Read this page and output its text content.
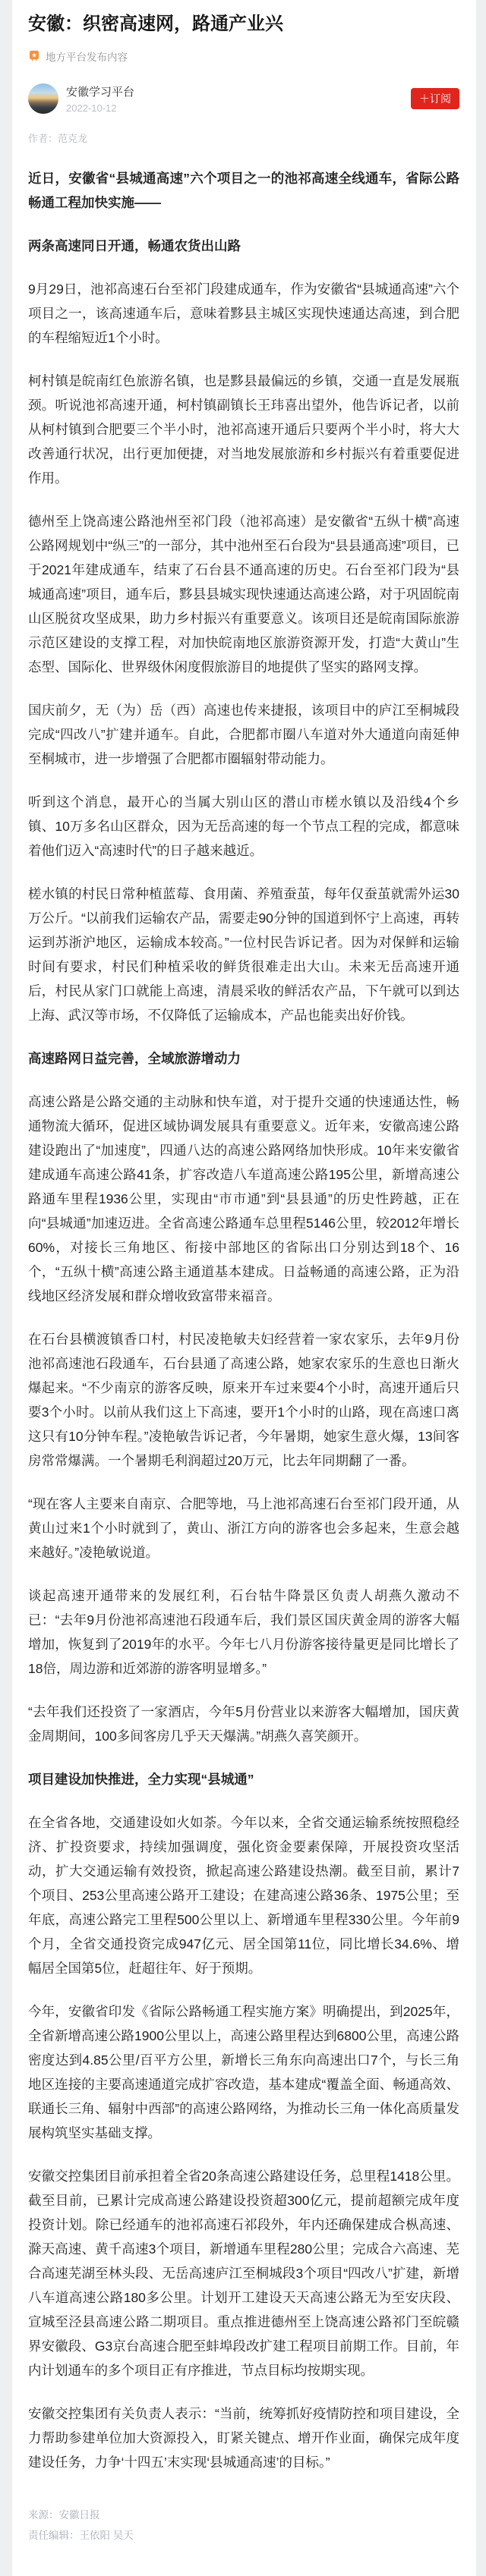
安徽：织密高速网，路通产业兴
★ 地方平台发布内容
安徽学习平台
2022-10-12
＋订阅
作者：范克龙

近日，安徽省“县城通高速”六个项目之一的池祁高速全线通车，省际公路畅通工程加快实施——

两条高速同日开通，畅通农货出山路

9月29日，池祁高速石台至祁门段建成通车，作为安徽省“县城通高速”六个项目之一，该高速通车后，意味着黟县主城区实现快速通达高速，到合肥的车程缩短近1个小时。

柯村镇是皖南红色旅游名镇，也是黟县最偏远的乡镇，交通一直是发展瓶颈。听说池祁高速开通，柯村镇副镇长王玮喜出望外，他告诉记者，以前从柯村镇到合肥要三个半小时，池祁高速开通后只要两个半小时，将大大改善通行状况，出行更加便捷，对当地发展旅游和乡村振兴有着重要促进作用。

德州至上饶高速公路池州至祁门段（池祁高速）是安徽省“五纵十横”高速公路网规划中“纵三”的一部分，其中池州至石台段为“县县通高速”项目，已于2021年建成通车，结束了石台县不通高速的历史。石台至祁门段为“县城通高速”项目，通车后，黟县县城实现快速通达高速公路，对于巩固皖南山区脱贫攻坚成果，助力乡村振兴有重要意义。该项目还是皖南国际旅游示范区建设的支撑工程，对加快皖南地区旅游资源开发，打造“大黄山”生态型、国际化、世界级休闲度假旅游目的地提供了坚实的路网支撑。

国庆前夕，无（为）岳（西）高速也传来捷报，该项目中的庐江至桐城段完成“四改八”扩建并通车。自此，合肥都市圈八车道对外大通道向南延伸至桐城市，进一步增强了合肥都市圈辐射带动能力。

听到这个消息，最开心的当属大别山区的潜山市槎水镇以及沿线4个乡镇、10万多名山区群众，因为无岳高速的每一个节点工程的完成，都意味着他们迈入“高速时代”的日子越来越近。

槎水镇的村民日常种植蓝莓、食用菌、养殖蚕茧，每年仅蚕茧就需外运30万公斤。“以前我们运输农产品，需要走90分钟的国道到怀宁上高速，再转运到苏浙沪地区，运输成本较高。”一位村民告诉记者。因为对保鲜和运输时间有要求，村民们种植采收的鲜货很难走出大山。未来无岳高速开通后，村民从家门口就能上高速，清晨采收的鲜活农产品，下午就可以到达上海、武汉等市场，不仅降低了运输成本，产品也能卖出好价钱。

高速路网日益完善，全域旅游增动力

高速公路是公路交通的主动脉和快车道，对于提升交通的快速通达性，畅通物流大循环，促进区域协调发展具有重要意义。近年来，安徽高速公路建设跑出了“加速度”，四通八达的高速公路网络加快形成。10年来安徽省建成通车高速公路41条，扩容改造八车道高速公路195公里，新增高速公路通车里程1936公里，实现由“市市通”到“县县通”的历史性跨越，正在向“县城通”加速迈进。全省高速公路通车总里程5146公里，较2012年增长60%，对接长三角地区、衔接中部地区的省际出口分别达到18个、16个，“五纵十横”高速公路主通道基本建成。日益畅通的高速公路，正为沿线地区经济发展和群众增收致富带来福音。

在石台县横渡镇香口村，村民凌艳敏夫妇经营着一家农家乐，去年9月份池祁高速池石段通车，石台县通了高速公路，她家农家乐的生意也日渐火爆起来。“不少南京的游客反映，原来开车过来要4个小时，高速开通后只要3个小时。以前从我们这上下高速，要开1个小时的山路，现在高速口离这只有10分钟车程。”凌艳敏告诉记者，今年暑期，她家生意火爆，13间客房常常爆满。一个暑期毛利润超过20万元，比去年同期翻了一番。

“现在客人主要来自南京、合肥等地，马上池祁高速石台至祁门段开通，从黄山过来1个小时就到了，黄山、浙江方向的游客也会多起来，生意会越来越好。”凌艳敏说道。

谈起高速开通带来的发展红利，石台牯牛降景区负责人胡燕久激动不已：“去年9月份池祁高速池石段通车后，我们景区国庆黄金周的游客大幅增加，恢复到了2019年的水平。今年七八月份游客接待量更是同比增长了18倍，周边游和近郊游的游客明显增多。”

“去年我们还投资了一家酒店，今年5月份营业以来游客大幅增加，国庆黄金周期间，100多间客房几乎天天爆满。”胡燕久喜笑颜开。

项目建设加快推进，全力实现“县城通”

在全省各地，交通建设如火如荼。今年以来，全省交通运输系统按照稳经济、扩投资要求，持续加强调度，强化资金要素保障，开展投资攻坚活动，扩大交通运输有效投资，掀起高速公路建设热潮。截至目前，累计7个项目、253公里高速公路开工建设；在建高速公路36条、1975公里；至年底，高速公路完工里程500公里以上、新增通车里程330公里。今年前9个月，全省交通投资完成947亿元、居全国第11位，同比增长34.6%、增幅居全国第5位，赶超往年、好于预期。

今年，安徽省印发《省际公路畅通工程实施方案》明确提出，到2025年，全省新增高速公路1900公里以上，高速公路里程达到6800公里，高速公路密度达到4.85公里/百平方公里，新增长三角东向高速出口7个，与长三角地区连接的主要高速通道完成扩容改造，基本建成“覆盖全面、畅通高效、联通长三角、辐射中西部”的高速公路网络，为推动长三角一体化高质量发展构筑坚实基础支撑。

安徽交控集团目前承担着全省20条高速公路建设任务，总里程1418公里。截至目前，已累计完成高速公路建设投资超300亿元，提前超额完成年度投资计划。除已经通车的池祁高速石祁段外，年内还确保建成合枞高速、滁天高速、黄千高速3个项目，新增通车里程280公里；完成合六高速、芜合高速芜湖至林头段、无岳高速庐江至桐城段3个项目“四改八”扩建，新增八车道高速公路180多公里。计划开工建设天天高速公路无为至安庆段、宣城至泾县高速公路二期项目。重点推进德州至上饶高速公路祁门至皖赣界安徽段、G3京台高速合肥至蚌埠段改扩建工程项目前期工作。目前，年内计划通车的多个项目正有序推进，节点目标均按期实现。

安徽交控集团有关负责人表示：“当前，统筹抓好疫情防控和项目建设，全力帮助参建单位加大资源投入，盯紧关键点、增开作业面，确保完成年度建设任务，力争‘十四五’末实现‘县城通高速’的目标。”

来源：安徽日报
责任编辑：王依阳 吴天
